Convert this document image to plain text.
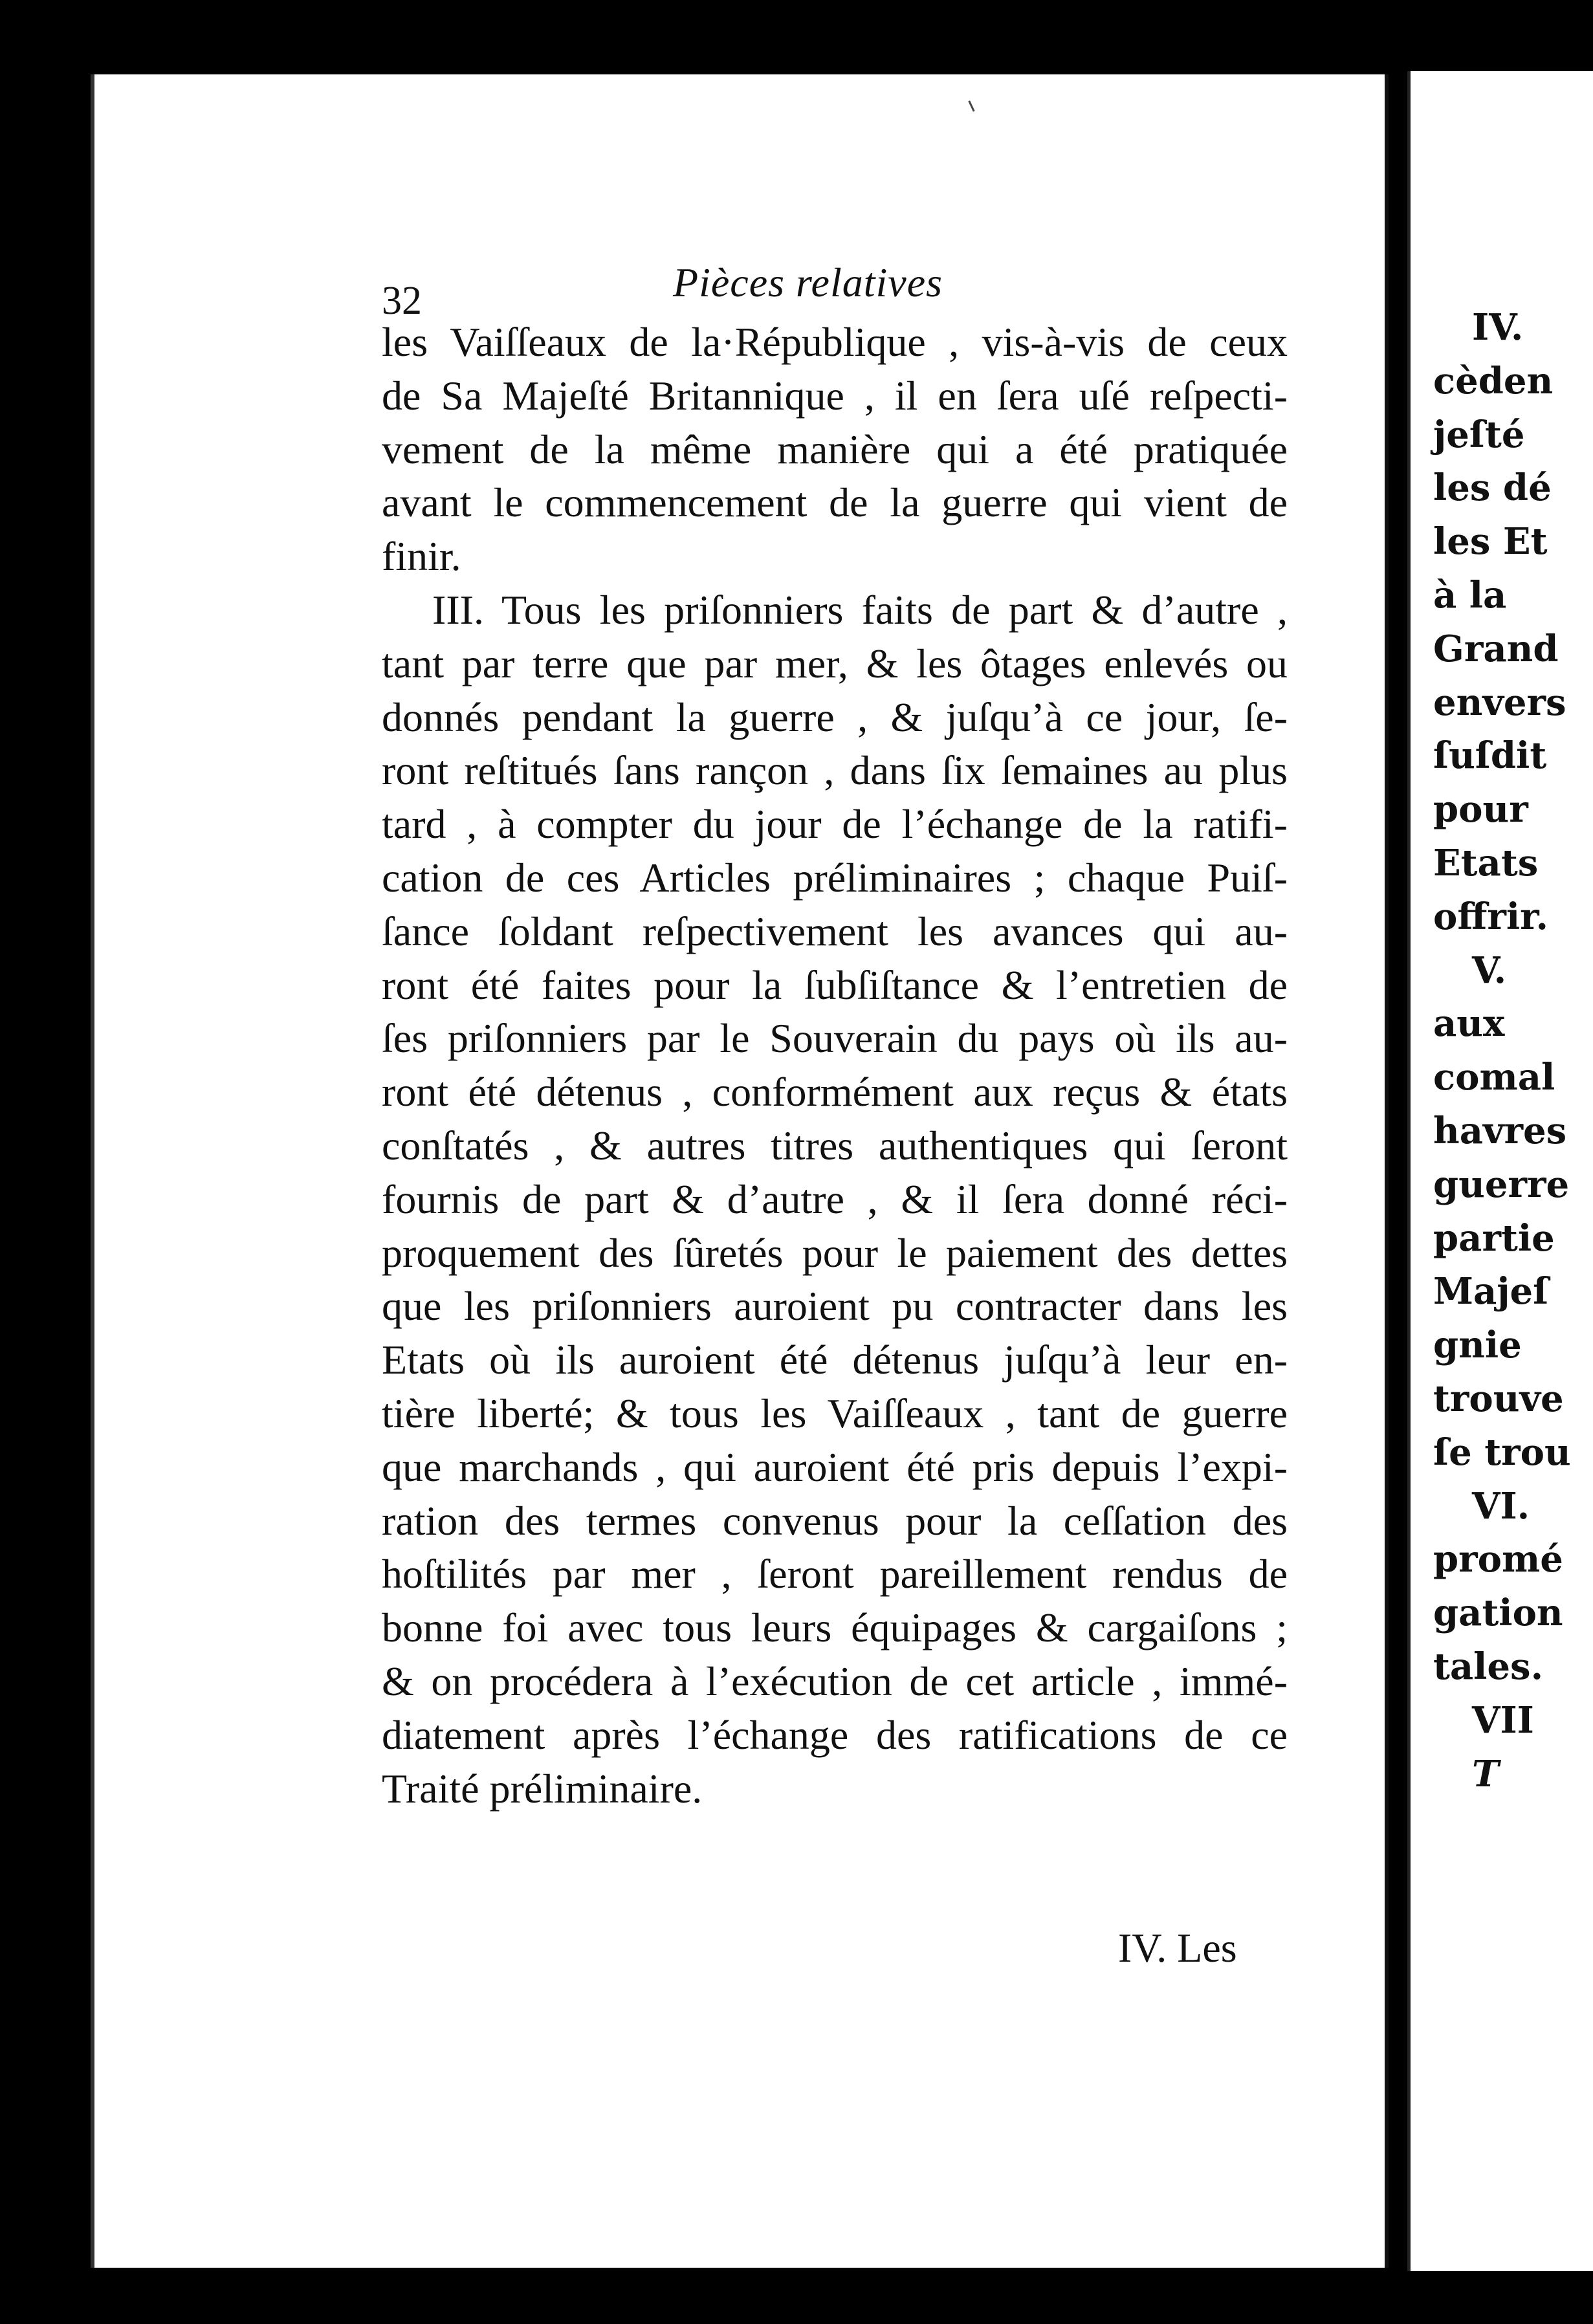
32	Pièces relatives
les Vaiſſeaux de la·République , vis-à-vis de ceux
de Sa Majeſté Britannique , il en ſera uſé reſpecti-
vement de la même manière qui a été pratiquée
avant le commencement de la guerre qui vient de
finir.
III. Tous les priſonniers faits de part & d’autre ,
tant par terre que par mer, & les ôtages enlevés ou
donnés pendant la guerre , & juſqu’à ce jour, ſe-
ront reſtitués ſans rançon , dans ſix ſemaines au plus
tard , à compter du jour de l’échange de la ratifi-
cation de ces Articles préliminaires ; chaque Puiſ-
ſance ſoldant reſpectivement les avances qui au-
ront été faites pour la ſubſiſtance & l’entretien de
ſes priſonniers par le Souverain du pays où ils au-
ront été détenus , conformément aux reçus & états
conſtatés , & autres titres authentiques qui ſeront
fournis de part & d’autre , & il ſera donné réci-
proquement des ſûretés pour le paiement des dettes
que les priſonniers auroient pu contracter dans les
Etats où ils auroient été détenus juſqu’à leur en-
tière liberté; & tous les Vaiſſeaux , tant de guerre
que marchands , qui auroient été pris depuis l’expi-
ration des termes convenus pour la ceſſation des
hoſtilités par mer , ſeront pareillement rendus de
bonne foi avec tous leurs équipages & cargaiſons ;
& on procédera à l’exécution de cet article , immé-
diatement après l’échange des ratifications de ce
Traité préliminaire.
IV. Les
IV.
cèden
jeſté
les dé
les Et
à la
Grand
envers
ſuſdit
pour
Etats
offrir.
V.
aux
comal
havres
guerre
partie
Majeſ
gnie
trouve
ſe trou
VI.
promé
gation
tales.
VII
T
